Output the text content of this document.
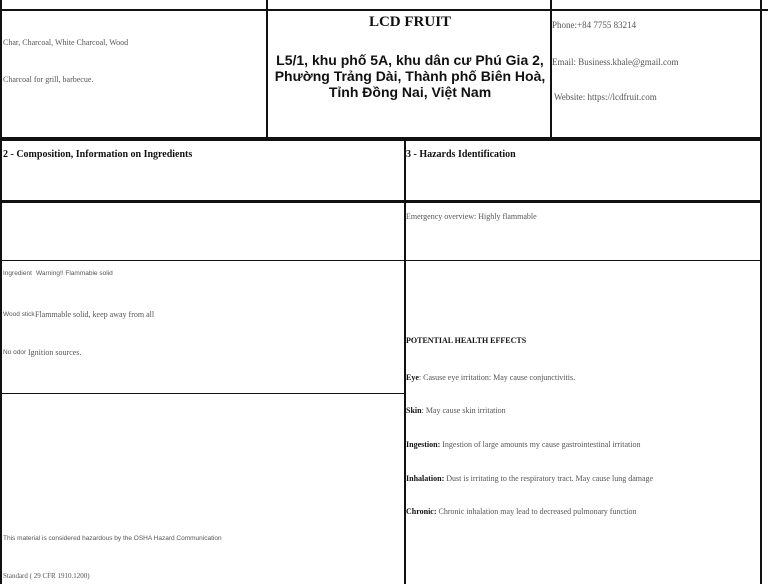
Char, Charcoal, White Charcoal, Wood
Charcoal for grill, barbecue.
LCD FRUIT
L5/1, khu phố 5A, khu dân cư Phú Gia 2, Phường Trảng Dài, Thành phố Biên Hoà, Tỉnh Đồng Nai, Việt Nam
Phone:+84 7755 83214
Email: Business.khale@gmail.com
Website: https://lcdfruit.com
2 - Composition, Information on Ingredients
Ingredient Warning!! Flammable solid
Wood stick Flammable solid, keep away from all
No odor Ignition sources.
This material is considered hazardous by the OSHA Hazard Communication
Standard ( 29 CFR 1910.1200)
3 - Hazards Identification
Emergency overview: Highly flammable
POTENTIAL HEALTH EFFECTS
Eye: Casuse eye irritation: May cause conjunctivitis.
Skin: May cause skin irritation
Ingestion: Ingestion of large amounts my cause gastrointestinal irritation
Inhalation: Dust is irritating to the respiratory tract. May cause lung damage
Chronic: Chronic inhalation may lead to decreased pulmonary function
